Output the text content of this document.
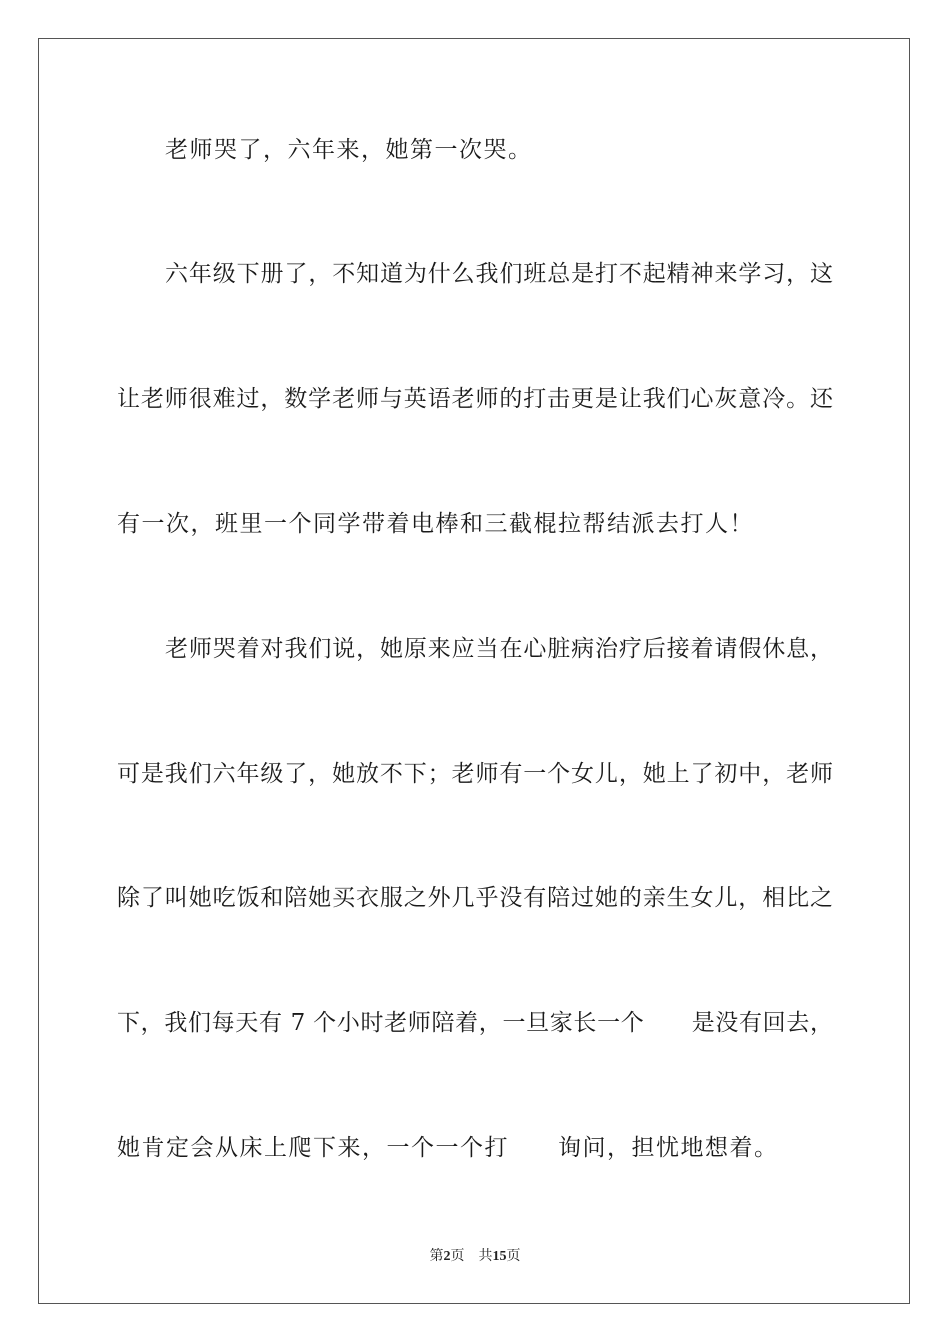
老师哭了，六年来，她第一次哭。
六年级下册了，不知道为什么我们班总是打不起精神来学习，这
让老师很难过，数学老师与英语老师的打击更是让我们心灰意冷。还
有一次，班里一个同学带着电棒和三截棍拉帮结派去打人！
老师哭着对我们说，她原来应当在心脏病治疗后接着请假休息，
可是我们六年级了，她放不下；老师有一个女儿，她上了初中，老师
除了叫她吃饭和陪她买衣服之外几乎没有陪过她的亲生女儿，相比之
下，我们每天有 7 个小时老师陪着，一旦家长一个　　是没有回去，
她肯定会从床上爬下来，一个一个打　　询问，担忧地想着。
第2页 共15页
